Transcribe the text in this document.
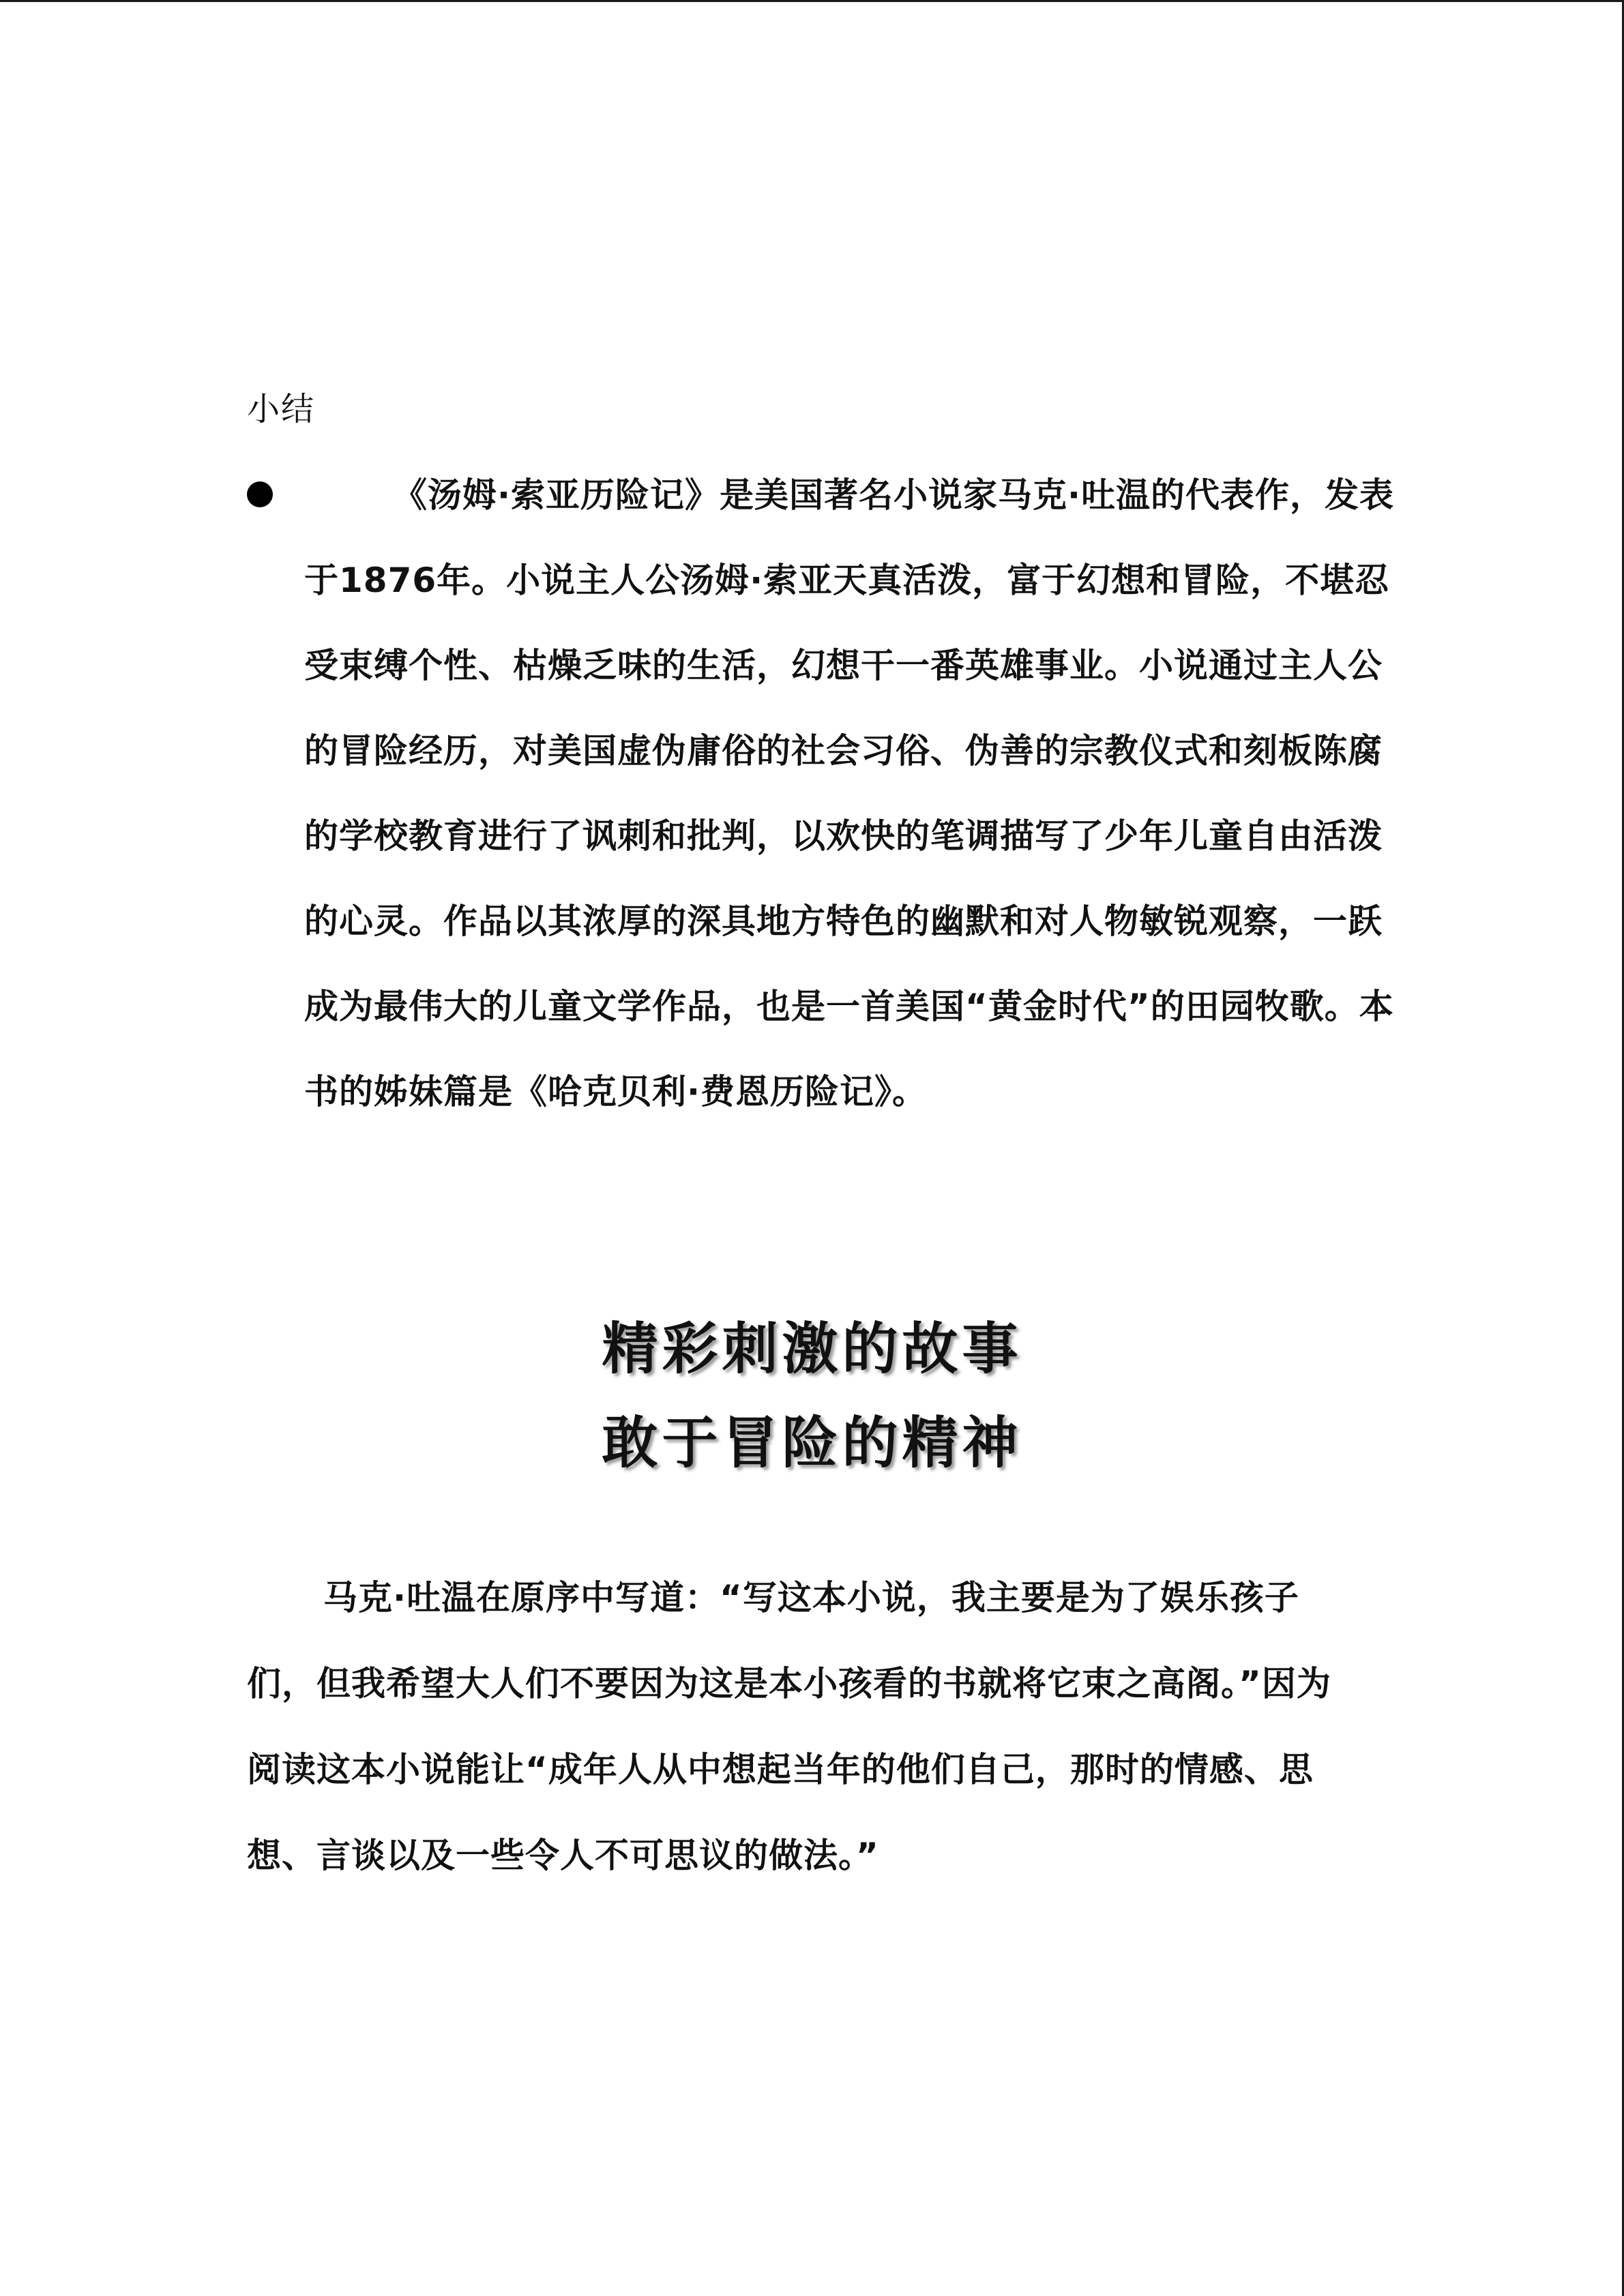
小结

《汤姆·索亚历险记》是美国著名小说家马克·吐温的代表作，发表于1876年。小说主人公汤姆·索亚天真活泼，富于幻想和冒险，不堪忍受束缚个性、枯燥乏味的生活，幻想干一番英雄事业。小说通过主人公的冒险经历，对美国虚伪庸俗的社会习俗、伪善的宗教仪式和刻板陈腐的学校教育进行了讽刺和批判，以欢快的笔调描写了少年儿童自由活泼的心灵。作品以其浓厚的深具地方特色的幽默和对人物敏锐观察，一跃成为最伟大的儿童文学作品，也是一首美国“黄金时代”的田园牧歌。本书的姊妹篇是《哈克贝利·费恩历险记》。

精彩刺激的故事
敢于冒险的精神

马克·吐温在原序中写道：“写这本小说，我主要是为了娱乐孩子们，但我希望大人们不要因为这是本小孩看的书就将它束之高阁。”因为阅读这本小说能让“成年人从中想起当年的他们自己，那时的情感、思想、言谈以及一些令人不可思议的做法。”
